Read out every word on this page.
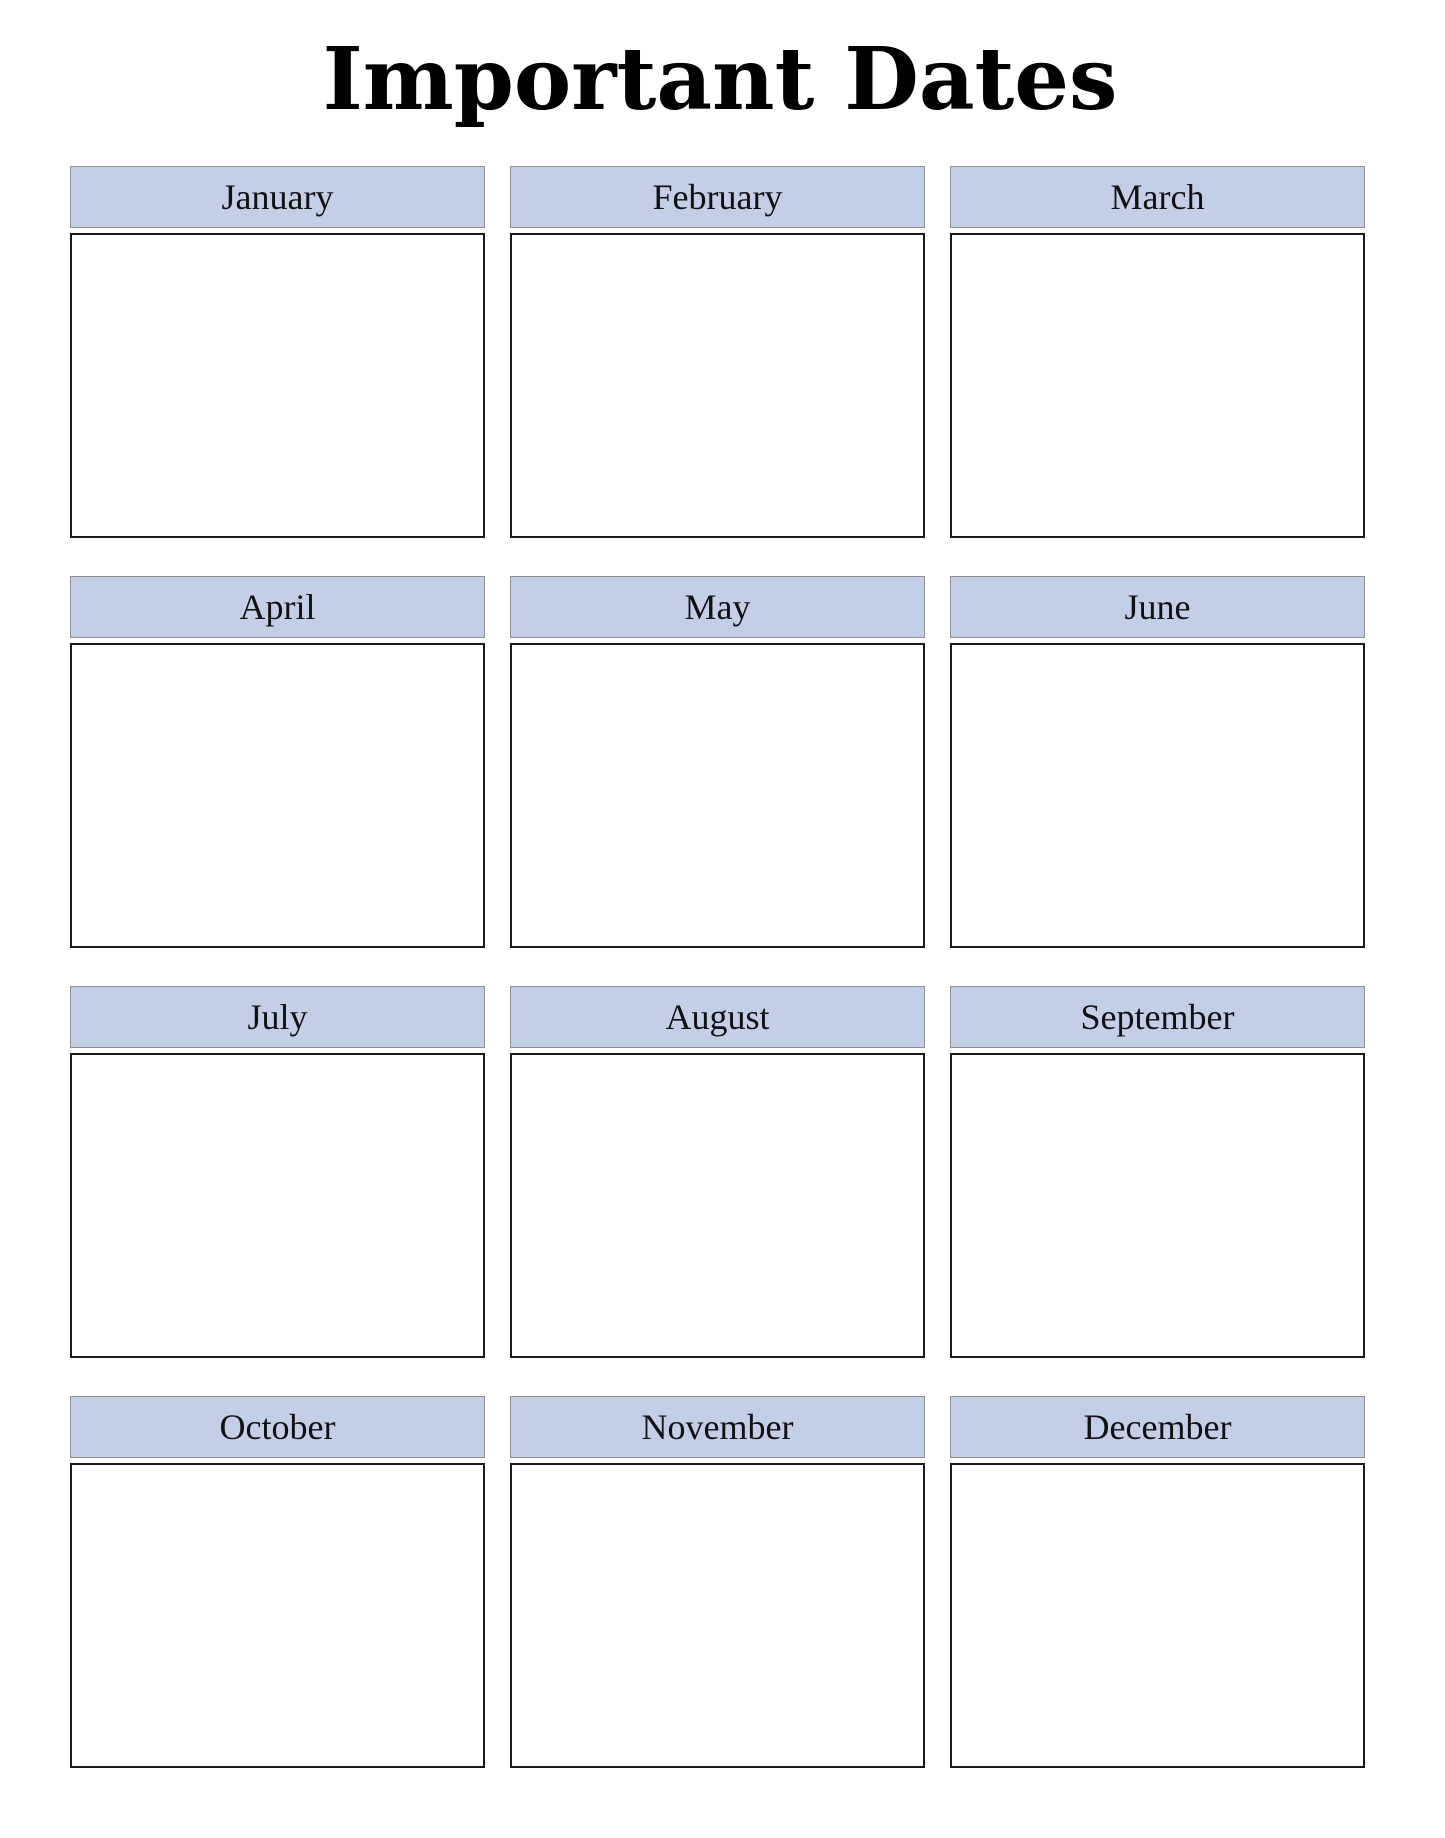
Important Dates
January	February	March
April	May	June
July	August	September
October	November	December
